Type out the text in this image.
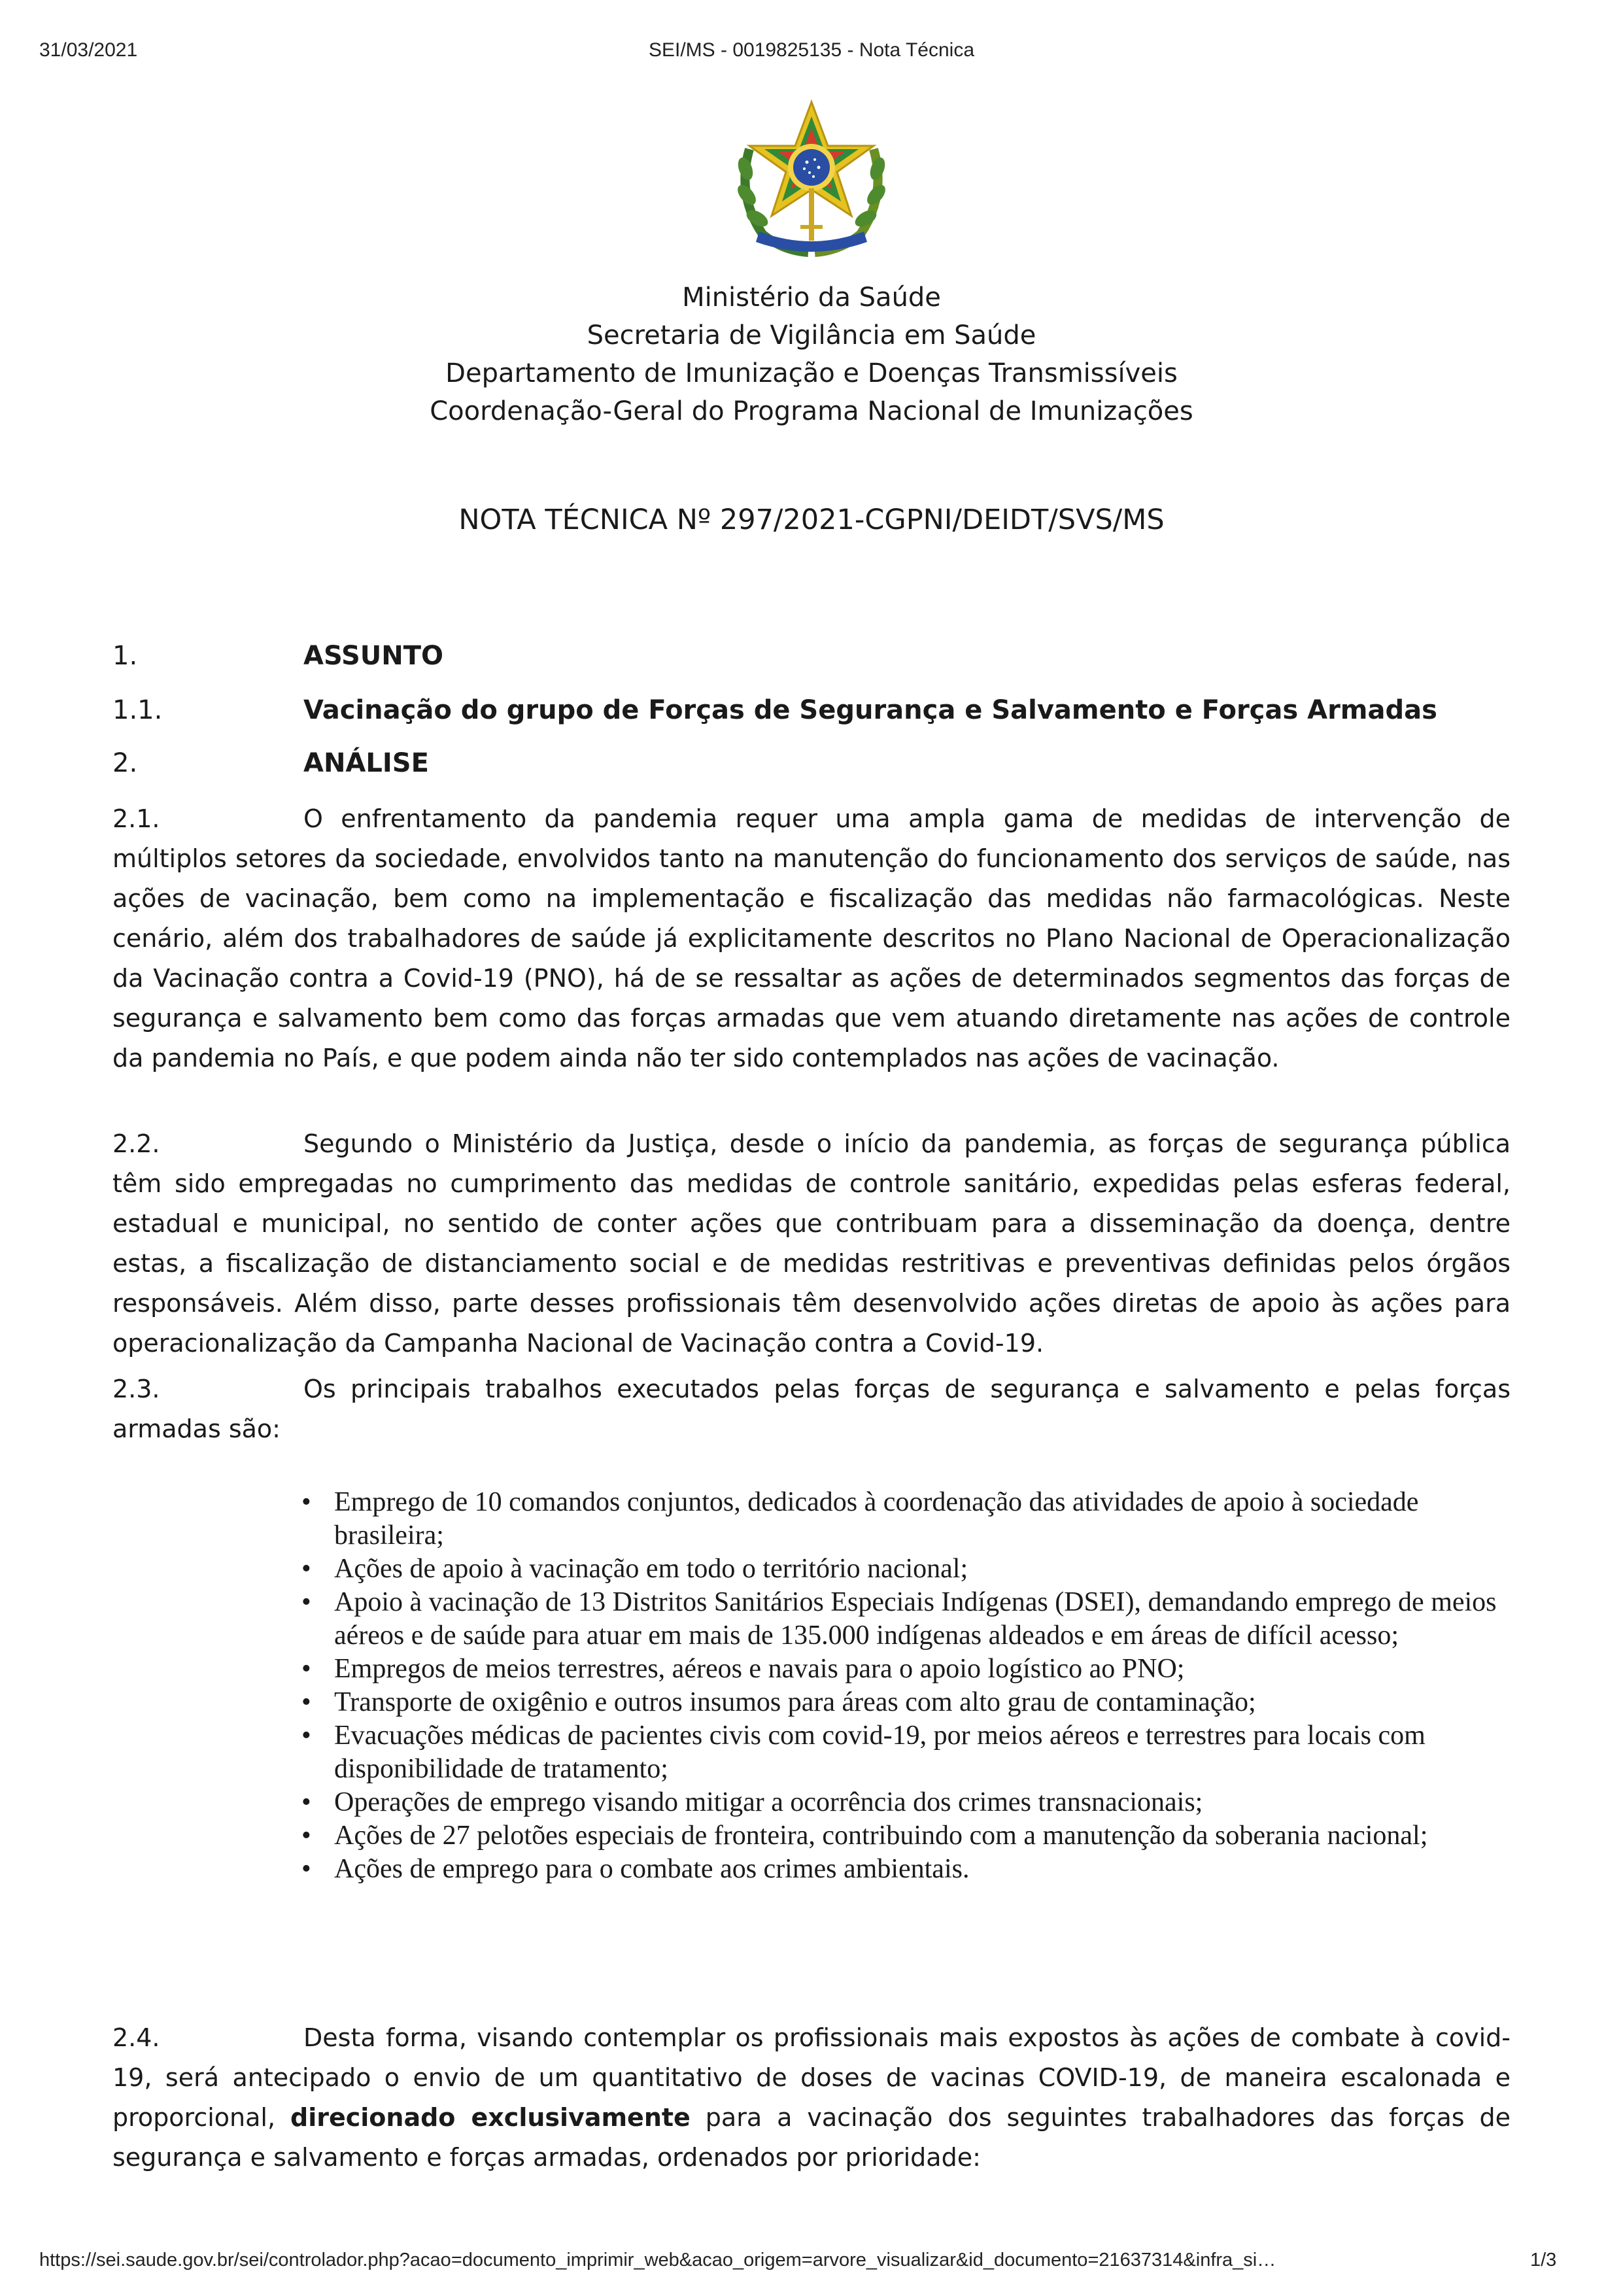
31/03/2021	SEI/MS - 0019825135 - Nota Técnica
Ministério da Saúde
Secretaria de Vigilância em Saúde
Departamento de Imunização e Doenças Transmissíveis
Coordenação-Geral do Programa Nacional de Imunizações
NOTA TÉCNICA Nº 297/2021-CGPNI/DEIDT/SVS/MS
1.	ASSUNTO
1.1.	Vacinação do grupo de Forças de Segurança e Salvamento e Forças Armadas
2.	ANÁLISE
2.1.	O enfrentamento da pandemia requer uma ampla gama de medidas de intervenção de múltiplos setores da sociedade, envolvidos tanto na manutenção do funcionamento dos serviços de saúde, nas ações de vacinação, bem como na implementação e fiscalização das medidas não farmacológicas. Neste cenário, além dos trabalhadores de saúde já explicitamente descritos no Plano Nacional de Operacionalização da Vacinação contra a Covid-19 (PNO), há de se ressaltar as ações de determinados segmentos das forças de segurança e salvamento bem como das forças armadas que vem atuando diretamente nas ações de controle da pandemia no País, e que podem ainda não ter sido contemplados nas ações de vacinação.
2.2.	Segundo o Ministério da Justiça, desde o início da pandemia, as forças de segurança pública têm sido empregadas no cumprimento das medidas de controle sanitário, expedidas pelas esferas federal, estadual e municipal, no sentido de conter ações que contribuam para a disseminação da doença, dentre estas, a fiscalização de distanciamento social e de medidas restritivas e preventivas definidas pelos órgãos responsáveis. Além disso, parte desses profissionais têm desenvolvido ações diretas de apoio às ações para operacionalização da Campanha Nacional de Vacinação contra a Covid-19.
2.3.	Os principais trabalhos executados pelas forças de segurança e salvamento e pelas forças armadas são:
• Emprego de 10 comandos conjuntos, dedicados à coordenação das atividades de apoio à sociedade brasileira;
• Ações de apoio à vacinação em todo o território nacional;
• Apoio à vacinação de 13 Distritos Sanitários Especiais Indígenas (DSEI), demandando emprego de meios aéreos e de saúde para atuar em mais de 135.000 indígenas aldeados e em áreas de difícil acesso;
• Empregos de meios terrestres, aéreos e navais para o apoio logístico ao PNO;
• Transporte de oxigênio e outros insumos para áreas com alto grau de contaminação;
• Evacuações médicas de pacientes civis com covid-19, por meios aéreos e terrestres para locais com disponibilidade de tratamento;
• Operações de emprego visando mitigar a ocorrência dos crimes transnacionais;
• Ações de 27 pelotões especiais de fronteira, contribuindo com a manutenção da soberania nacional;
• Ações de emprego para o combate aos crimes ambientais.
2.4.	Desta forma, visando contemplar os profissionais mais expostos às ações de combate à covid-19, será antecipado o envio de um quantitativo de doses de vacinas COVID-19, de maneira escalonada e proporcional, direcionado exclusivamente para a vacinação dos seguintes trabalhadores das forças de segurança e salvamento e forças armadas, ordenados por prioridade:
https://sei.saude.gov.br/sei/controlador.php?acao=documento_imprimir_web&acao_origem=arvore_visualizar&id_documento=21637314&infra_si…	1/3
